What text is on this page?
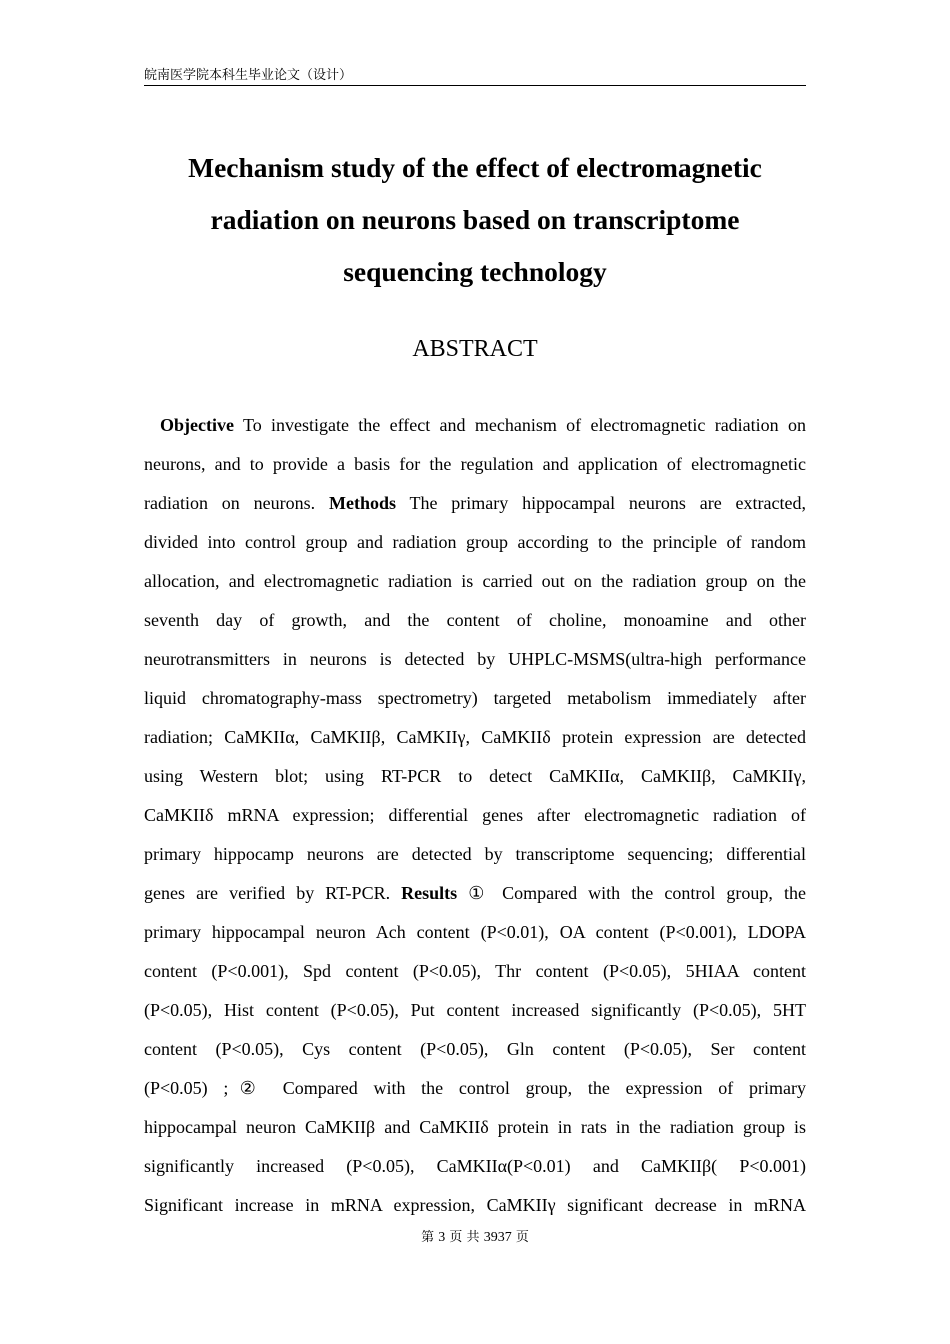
皖南医学院本科生毕业论文（设计）
Mechanism study of the effect of electromagnetic
radiation on neurons based on transcriptome
sequencing technology
ABSTRACT
Objective To investigate the effect and mechanism of electromagnetic radiation on
neurons, and to provide a basis for the regulation and application of electromagnetic
radiation on neurons. Methods The primary hippocampal neurons are extracted,
divided into control group and radiation group according to the principle of random
allocation, and electromagnetic radiation is carried out on the radiation group on the
seventh day of growth, and the content of choline, monoamine and other
neurotransmitters in neurons is detected by UHPLC-MSMS(ultra-high performance
liquid chromatography-mass spectrometry) targeted metabolism immediately after
radiation; CaMKIIα, CaMKIIβ, CaMKIIγ, CaMKIIδ protein expression are detected
using Western blot; using RT-PCR to detect CaMKIIα, CaMKIIβ, CaMKIIγ,
CaMKIIδ mRNA expression; differential genes after electromagnetic radiation of
primary hippocamp neurons are detected by transcriptome sequencing; differential
genes are verified by RT-PCR. Results ① Compared with the control group, the
primary hippocampal neuron Ach content (P<0.01), OA content (P<0.001), LDOPA
content (P<0.001), Spd content (P<0.05), Thr content (P<0.05), 5HIAA content
(P<0.05), Hist content (P<0.05), Put content increased significantly (P<0.05), 5HT
content (P<0.05), Cys content (P<0.05), Gln content (P<0.05), Ser content
(P<0.05) ;② Compared with the control group, the expression of primary
hippocampal neuron CaMKIIβ and CaMKIIδ protein in rats in the radiation group is
significantly increased (P<0.05), CaMKIIα(P<0.01) and CaMKIIβ( P<0.001)
Significant increase in mRNA expression, CaMKIIγ significant decrease in mRNA
第 3 页 共 3937 页
